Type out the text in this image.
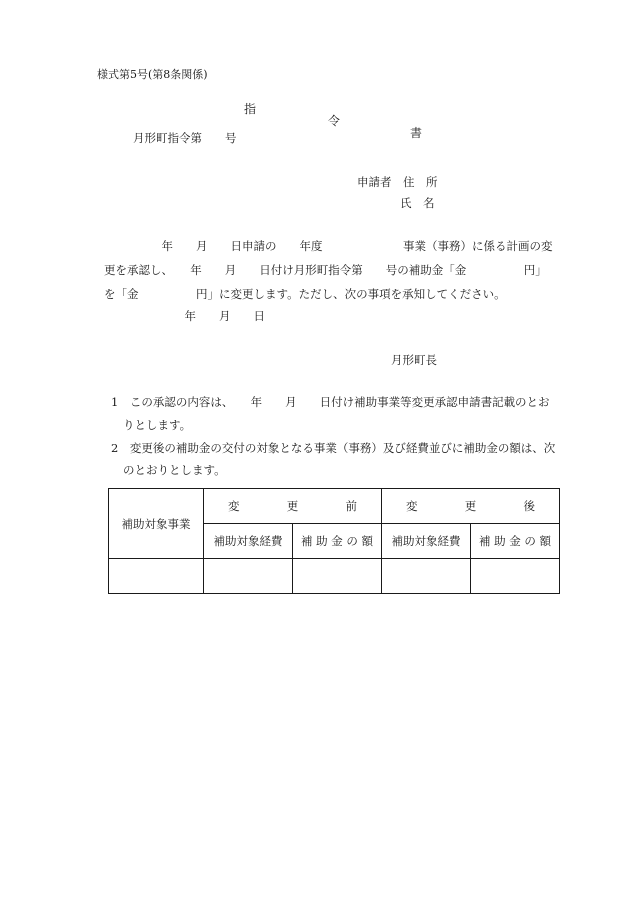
様式第5号(第8条関係)

指

令

書

月形町指令第　　号
申請者　住　所
氏　名
　　　　　年　　月　　日申請の　　年度　　　　　　　事業（事務）に係る計画の変
更を承認し、　　年　　月　　日付け月形町指令第　　号の補助金「金　　　　　円」
を「金　　　　　円」に変更します。ただし、次の事項を承知してください。
　　　　　　　年　　月　　日
月形町長
1　この承認の内容は、　　年　　月　　日付け補助事業等変更承認申請書記載のとお
りとします。
2　変更後の補助金の交付の対象となる事業（事務）及び経費並びに補助金の額は、次
のとおりとします。
補助対象事業	変 更 前		変 更 後	

	補助対象経費	補 助 金 の 額	補助対象経費	補 助 金 の 額
